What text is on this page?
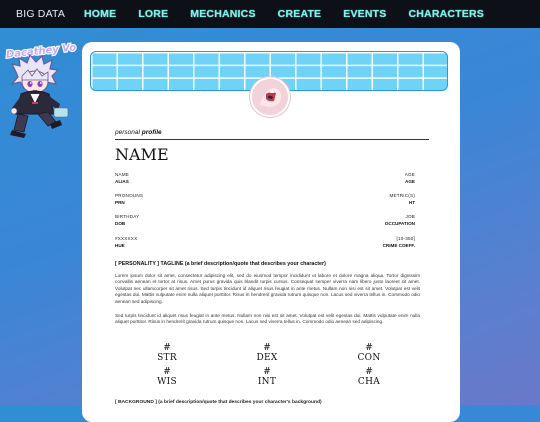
BIG DATA	HOME LORE MECHANICS CREATE EVENTS CHARACTERS
Dacathey Vo
personal profile
NAME
NAME
ALIAS
AGE
AGE
PRONOUNS
PRN
METRIC(S)
HT
BIRTHDAY
DOB
JOB
OCCUPATION
#XXXXXX
HUE
[10-350]
CRIME COEFF.
[ PERSONALITY ] TAGLINE (a brief description/quote that describes your character)
Lorem ipsum dolor sit amet, consectetur adipiscing elit, sed do eiusmod tempor incididunt ut labore et dolore magna aliqua. Tortor dignissim convallis aenean et tortor at risus. Amet purus gravida quis blandit turpis cursus. Consequat semper viverra nam libero justo laoreet sit amet. Volutpat nec ullamcorper sit amet risus. Sed turpis tincidunt id aliquet risus feugiat in ante metus. Nullam non nisi est sit amet. Volutpat est velit egestas dui. Mattis vulputate enim nulla aliquet porttitor. Risus in hendrerit gravida rutrum quisque non. Lacus sed viverra tellus in. Commodo odio aenean sed adipiscing.
Sed turpis tincidunt id aliquet risus feugiat in ante metus. Nullam non nisi est sit amet. Volutpat est velit egestas dui. Mattis vulputate enim nulla aliquet porttitor. Risus in hendrerit gravida rutrum quisque non. Lacus sed viverra tellus in. Commodo odio aenean sed adipiscing.
#
STR
#
DEX
#
CON
#
WIS
#
INT
#
CHA
[ BACKGROUND ] (a brief description/quote that describes your character's background)
